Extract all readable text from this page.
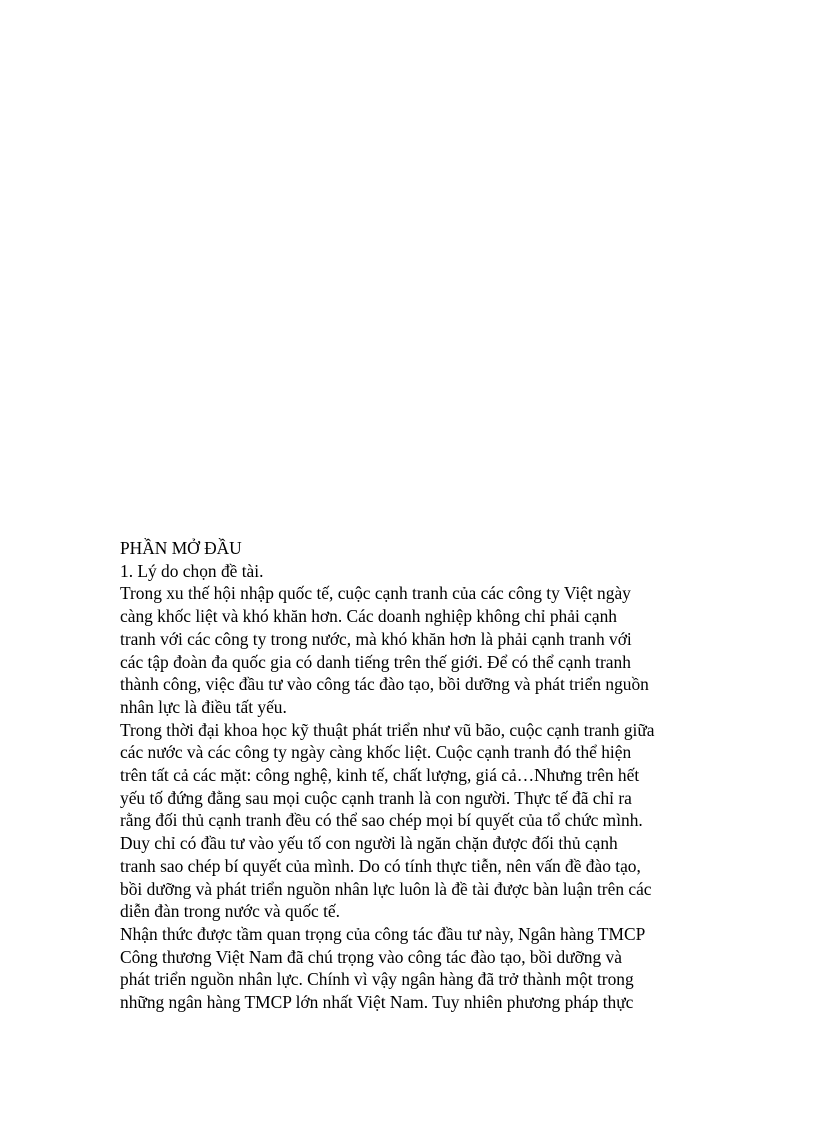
PHẦN MỞ ĐẦU
1. Lý do chọn đề tài.
Trong xu thế hội nhập quốc tế, cuộc cạnh tranh của các công ty Việt ngày
càng khốc liệt và khó khăn hơn. Các doanh nghiệp không chỉ phải cạnh
tranh với các công ty trong nước, mà khó khăn hơn là phải cạnh tranh với
các tập đoàn đa quốc gia có danh tiếng trên thế giới. Để có thể cạnh tranh
thành công, việc đầu tư vào công tác đào tạo, bồi dưỡng và phát triển nguồn
nhân lực là điều tất yếu.
Trong thời đại khoa học kỹ thuật phát triển như vũ bão, cuộc cạnh tranh giữa
các nước và các công ty ngày càng khốc liệt. Cuộc cạnh tranh đó thể hiện
trên tất cả các mặt: công nghệ, kinh tế, chất lượng, giá cả…Nhưng trên hết
yếu tố đứng đằng sau mọi cuộc cạnh tranh là con người. Thực tế đã chỉ ra
rằng đối thủ cạnh tranh đều có thể sao chép mọi bí quyết của tổ chức mình.
Duy chỉ có đầu tư vào yếu tố con người là ngăn chặn được đối thủ cạnh
tranh sao chép bí quyết của mình. Do có tính thực tiễn, nên vấn đề đào tạo,
bồi dưỡng và phát triển nguồn nhân lực luôn là đề tài được bàn luận trên các
diễn đàn trong nước và quốc tế.
Nhận thức được tầm quan trọng của công tác đầu tư này, Ngân hàng TMCP
Công thương Việt Nam đã chú trọng vào công tác đào tạo, bồi dưỡng và
phát triển nguồn nhân lực. Chính vì vậy ngân hàng đã trở thành một trong
những ngân hàng TMCP lớn nhất Việt Nam. Tuy nhiên phương pháp thực
